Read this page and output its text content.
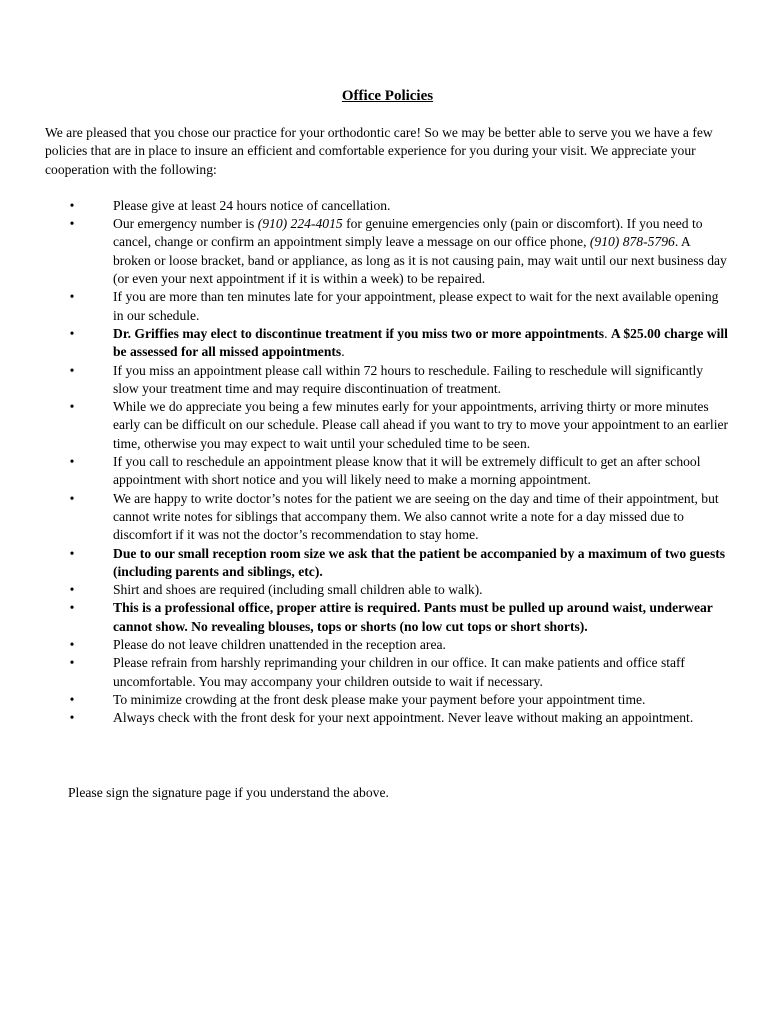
Office Policies

We are pleased that you chose our practice for your orthodontic care! So we may be better able to serve you we have a few policies that are in place to insure an efficient and comfortable experience for you during your visit. We appreciate your cooperation with the following:

•	Please give at least 24 hours notice of cancellation.
•	Our emergency number is (910) 224-4015 for genuine emergencies only (pain or discomfort). If you need to cancel, change or confirm an appointment simply leave a message on our office phone, (910) 878-5796. A broken or loose bracket, band or appliance, as long as it is not causing pain, may wait until our next business day (or even your next appointment if it is within a week) to be repaired.
•	If you are more than ten minutes late for your appointment, please expect to wait for the next available opening in our schedule.
•	Dr. Griffies may elect to discontinue treatment if you miss two or more appointments. A $25.00 charge will be assessed for all missed appointments.
•	If you miss an appointment please call within 72 hours to reschedule. Failing to reschedule will significantly slow your treatment time and may require discontinuation of treatment.
•	While we do appreciate you being a few minutes early for your appointments, arriving thirty or more minutes early can be difficult on our schedule. Please call ahead if you want to try to move your appointment to an earlier time, otherwise you may expect to wait until your scheduled time to be seen.
•	If you call to reschedule an appointment please know that it will be extremely difficult to get an after school appointment with short notice and you will likely need to make a morning appointment.
•	We are happy to write doctor’s notes for the patient we are seeing on the day and time of their appointment, but cannot write notes for siblings that accompany them. We also cannot write a note for a day missed due to discomfort if it was not the doctor’s recommendation to stay home.
•	Due to our small reception room size we ask that the patient be accompanied by a maximum of two guests (including parents and siblings, etc).
•	Shirt and shoes are required (including small children able to walk).
•	This is a professional office, proper attire is required. Pants must be pulled up around waist, underwear cannot show. No revealing blouses, tops or shorts (no low cut tops or short shorts).
•	Please do not leave children unattended in the reception area.
•	Please refrain from harshly reprimanding your children in our office. It can make patients and office staff uncomfortable. You may accompany your children outside to wait if necessary.
•	To minimize crowding at the front desk please make your payment before your appointment time.
•	Always check with the front desk for your next appointment. Never leave without making an appointment.

Please sign the signature page if you understand the above.
